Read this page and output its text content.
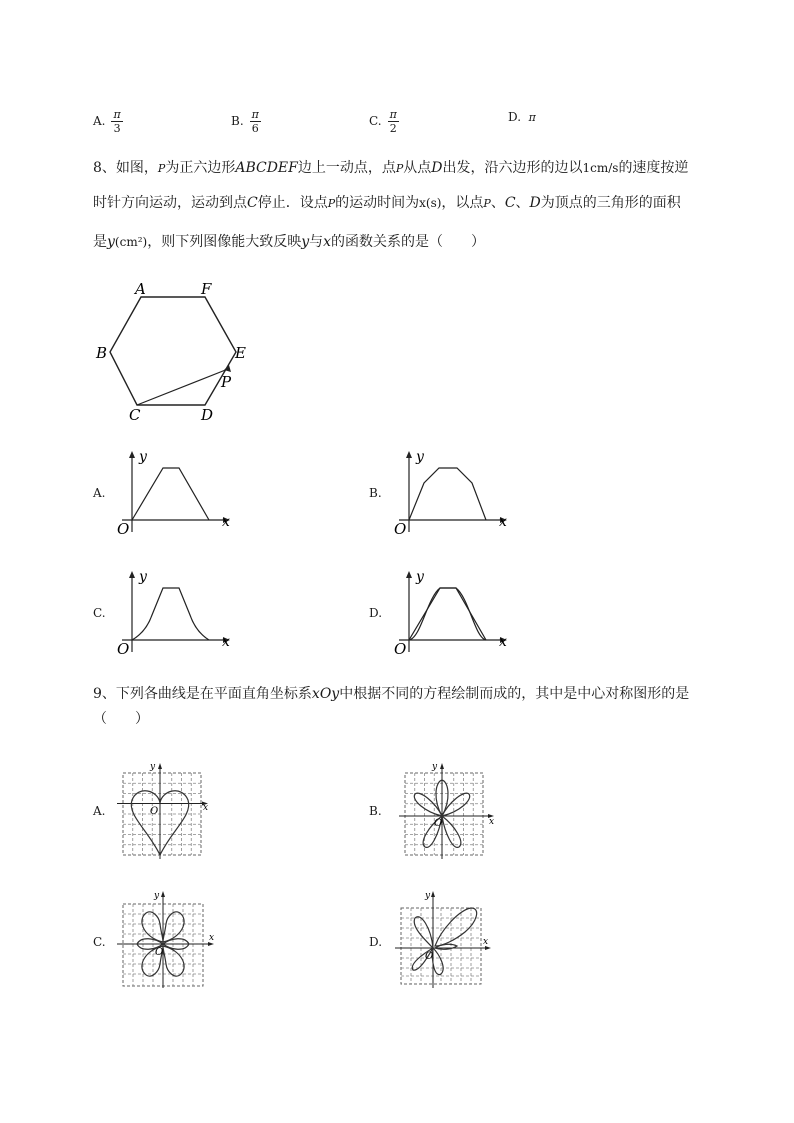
A. $\frac{\pi}{3}$	B. $\frac{\pi}{6}$	C. $\frac{\pi}{2}$	D. π
8、如图，P为正六边形ABCDEF边上一动点，点P从点D出发，沿六边形的边以1cm/s的速度按逆
时针方向运动，运动到点C停止．设点P的运动时间为x(s)，以点P、C、D为顶点的三角形的面积
是y(cm²)，则下列图像能大致反映y与x的函数关系的是（　　）
A	F
B	E
C	D
P
A.	B.
C.	D.
y
x
O
y
x
O
y
x
O
y
x
O
9、下列各曲线是在平面直角坐标系xOy中根据不同的方程绘制而成的，其中是中心对称图形的是
（　　）
A.	B.
C.	D.
y
x
O
y
x
O
y
x
O
y
x
O
